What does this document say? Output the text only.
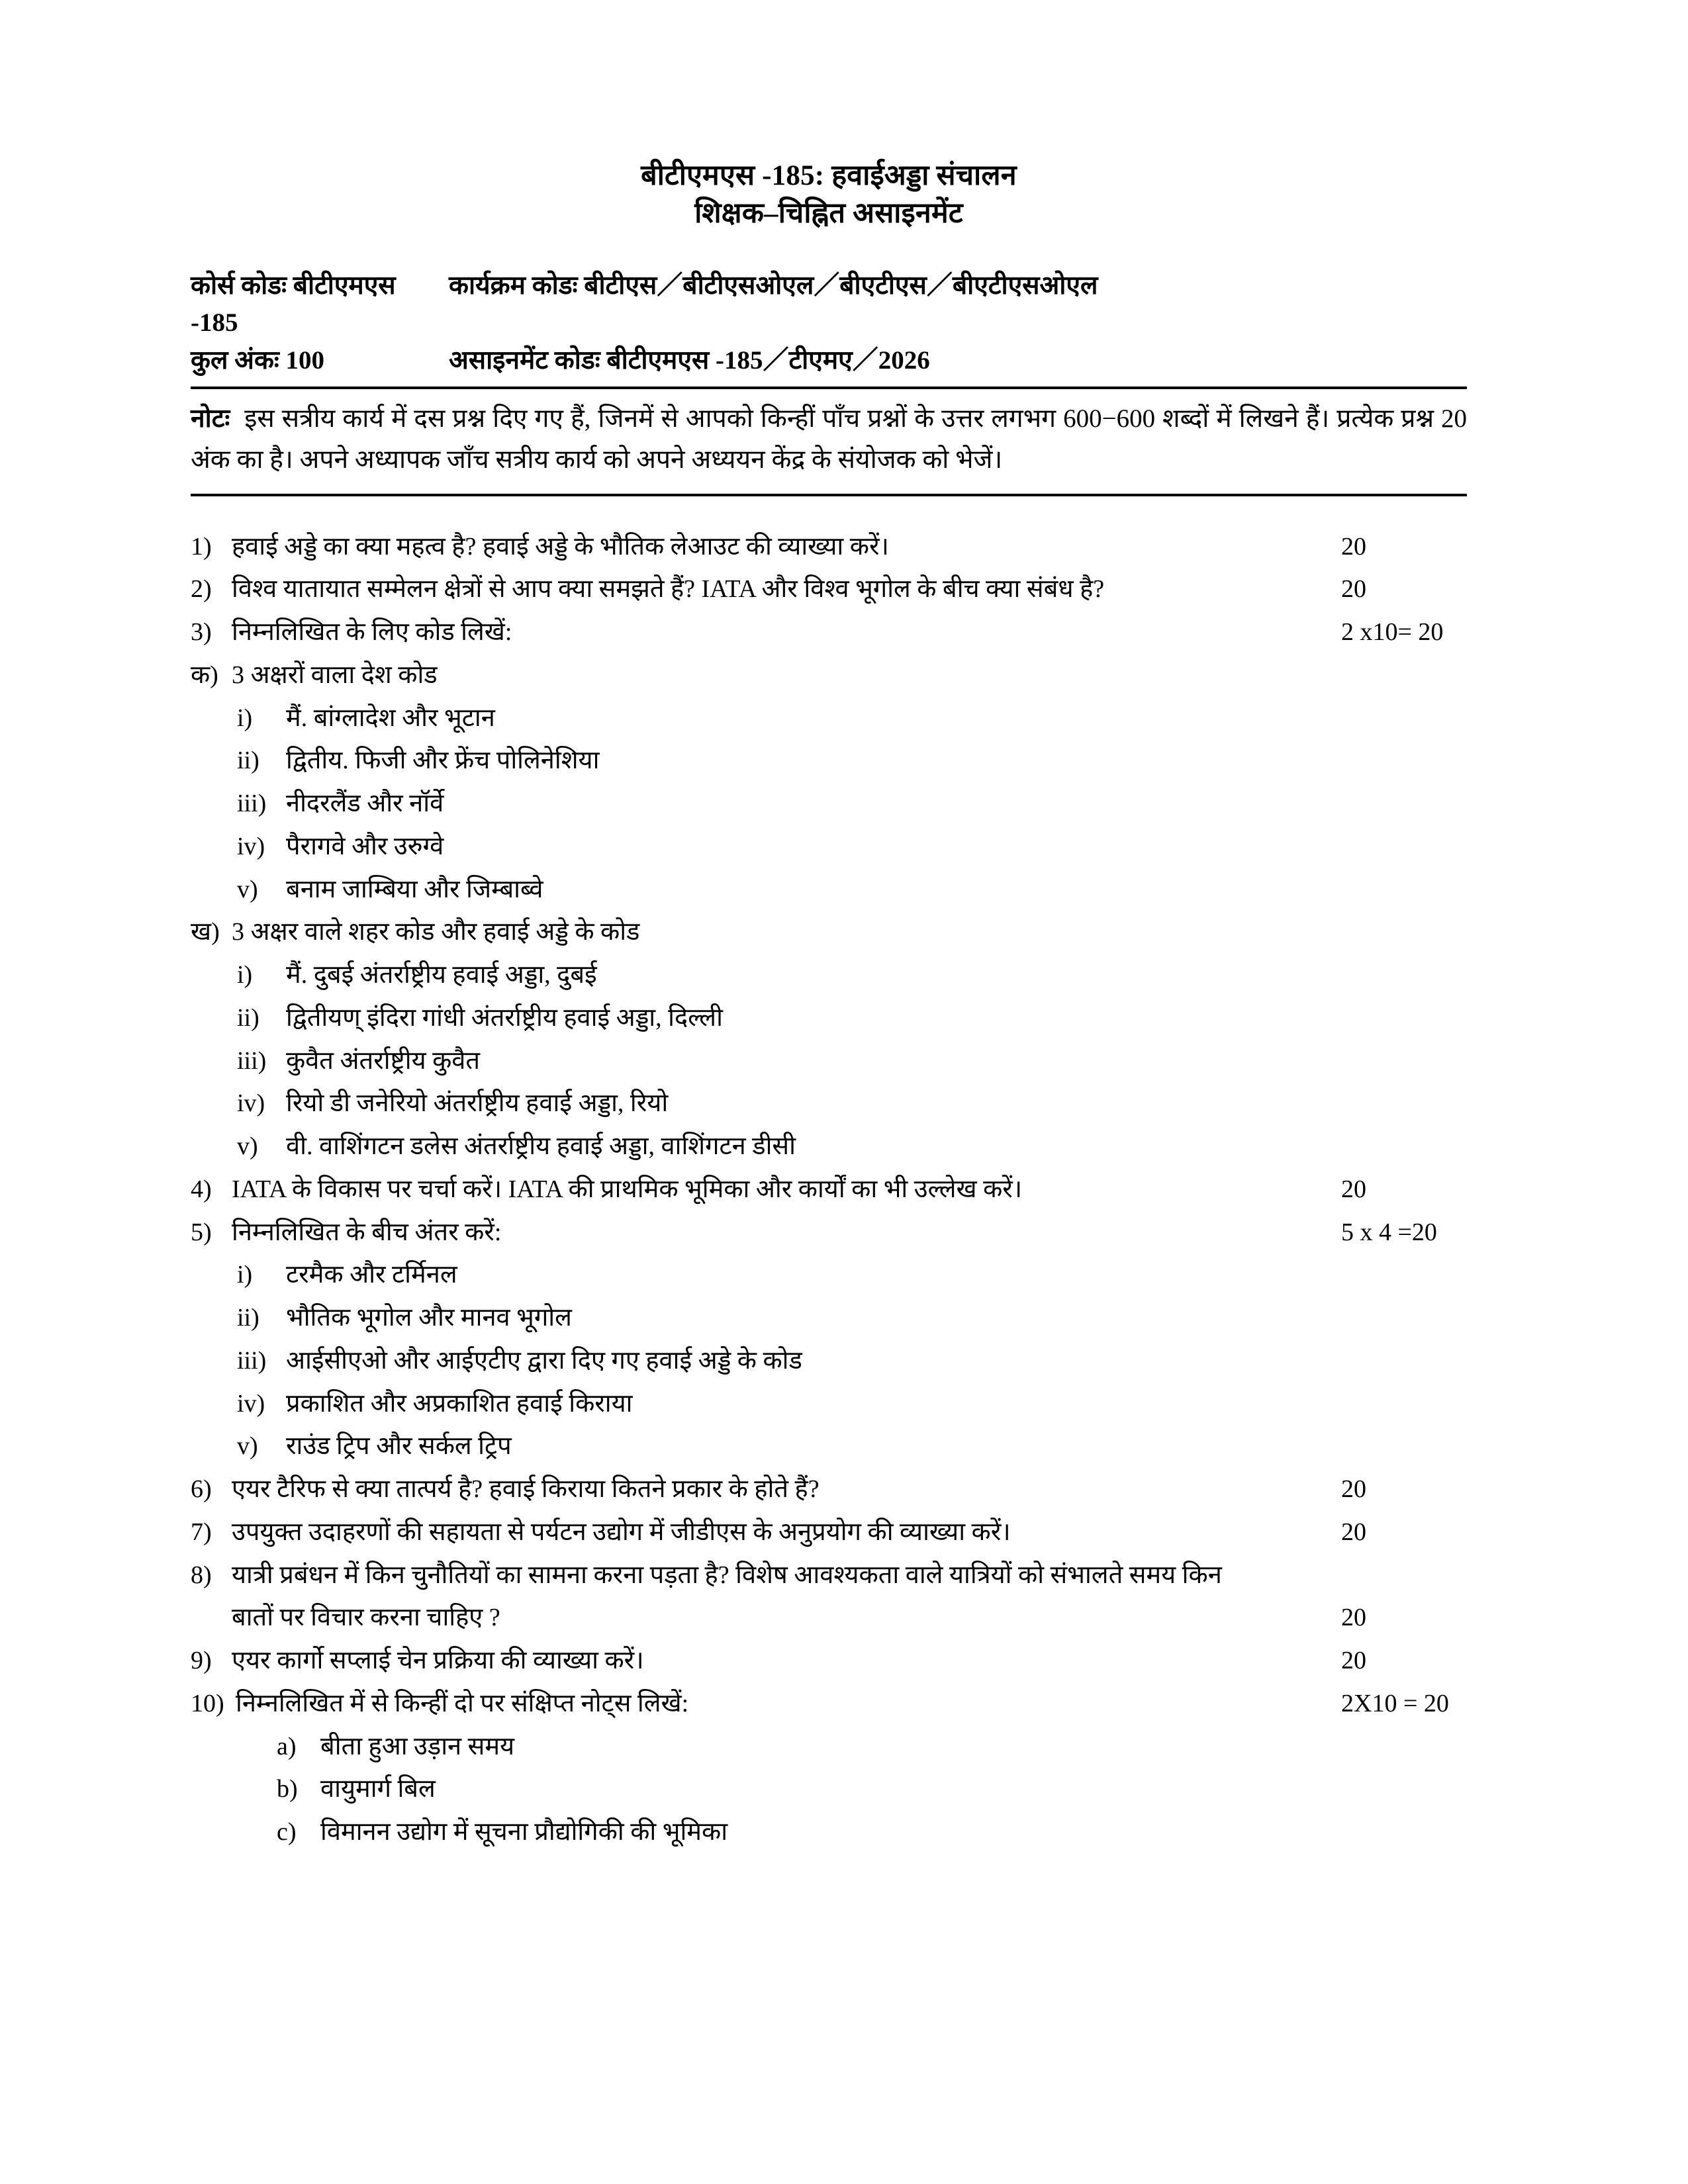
बीटीएमएस -185: हवाईअड्डा संचालन
शिक्षक–चिह्नित असाइनमेंट
कोर्स कोडः बीटीएमएस -185
कार्यक्रम कोडः बीटीएस／बीटीएसओएल／बीएटीएस／बीएटीएसओएल
कुल अंकः 100	असाइनमेंट कोडः बीटीएमएस -185／टीएमए／2026

नोटः इस सत्रीय कार्य में दस प्रश्न दिए गए हैं, जिनमें से आपको किन्हीं पाँच प्रश्नों के उत्तर लगभग 600−600 शब्दों में लिखने हैं। प्रत्येक प्रश्न 20 अंक का है। अपने अध्यापक जाँच सत्रीय कार्य को अपने अध्ययन केंद्र के संयोजक को भेजें।

1) हवाई अड्डे का क्या महत्व है? हवाई अड्डे के भौतिक लेआउट की व्याख्या करें।	20
2) विश्व यातायात सम्मेलन क्षेत्रों से आप क्या समझते हैं? IATA और विश्व भूगोल के बीच क्या संबंध है?	20
3) निम्नलिखित के लिए कोड लिखें:	2 x10= 20
क) 3 अक्षरों वाला देश कोड
i)	मैं. बांग्लादेश और भूटान
ii)	द्वितीय. फिजी और फ्रेंच पोलिनेशिया
iii) नीदरलैंड और नॉर्वे
iv) पैरागवे और उरुग्वे
v)	बनाम जाम्बिया और जिम्बाब्वे
ख) 3 अक्षर वाले शहर कोड और हवाई अड्डे के कोड
i)	मैं. दुबई अंतर्राष्ट्रीय हवाई अड्डा, दुबई
ii)	द्वितीयण् इंदिरा गांधी अंतर्राष्ट्रीय हवाई अड्डा, दिल्ली
iii) कुवैत अंतर्राष्ट्रीय कुवैत
iv) रियो डी जनेरियो अंतर्राष्ट्रीय हवाई अड्डा, रियो
v)	वी. वाशिंगटन डलेस अंतर्राष्ट्रीय हवाई अड्डा, वाशिंगटन डीसी
4) IATA के विकास पर चर्चा करें। IATA की प्राथमिक भूमिका और कार्यों का भी उल्लेख करें।	20
5) निम्नलिखित के बीच अंतर करें:	5 x 4 =20
i)	टरमैक और टर्मिनल
ii)	भौतिक भूगोल और मानव भूगोल
iii) आईसीएओ और आईएटीए द्वारा दिए गए हवाई अड्डे के कोड
iv) प्रकाशित और अप्रकाशित हवाई किराया
v)	राउंड ट्रिप और सर्कल ट्रिप
6) एयर टैरिफ से क्या तात्पर्य है? हवाई किराया कितने प्रकार के होते हैं?	20
7) उपयुक्त उदाहरणों की सहायता से पर्यटन उद्योग में जीडीएस के अनुप्रयोग की व्याख्या करें।	20
8) यात्री प्रबंधन में किन चुनौतियों का सामना करना पड़ता है? विशेष आवश्यकता वाले यात्रियों को संभालते समय किन
बातों पर विचार करना चाहिए ?	20
9) एयर कार्गो सप्लाई चेन प्रक्रिया की व्याख्या करें।	20
10) निम्नलिखित में से किन्हीं दो पर संक्षिप्त नोट्स लिखें:	2X10 = 20
a) बीता हुआ उड़ान समय
b) वायुमार्ग बिल
c) विमानन उद्योग में सूचना प्रौद्योगिकी की भूमिका
